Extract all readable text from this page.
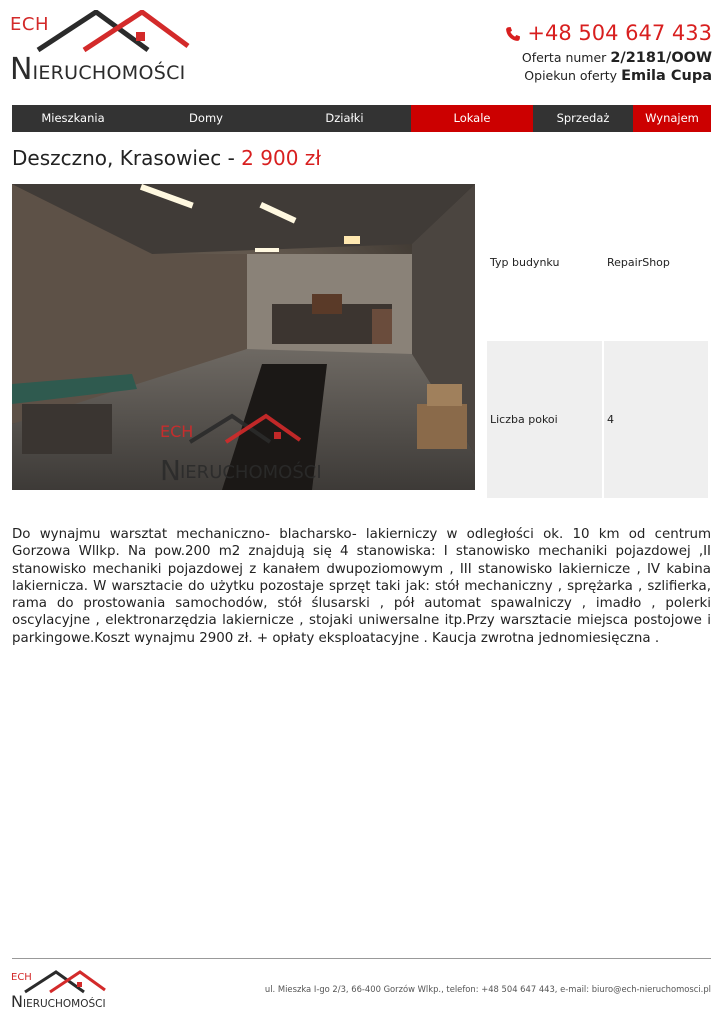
ECH
NIERUCHOMOŚCI
+48 504 647 433
Oferta numer 2/2181/OOW
Opiekun oferty Emila Cupa
Mieszkania	Domy	Działki	Lokale	Sprzedaż	Wynajem
Deszczno, Krasowiec - 2 900 zł
ECH
N IERUCHOMOŚCI
Typ budynku	RepairShop
Liczba pokoi	4
Do wynajmu warsztat mechaniczno- blacharsko- lakierniczy w odległości ok. 10 km od centrum Gorzowa Wllkp. Na pow.200 m2 znajdują się 4 stanowiska: I stanowisko mechaniki pojazdowej ,II stanowisko mechaniki pojazdowej z kanałem dwupoziomowym , III stanowisko lakiernicze , IV kabina lakiernicza. W warsztacie do użytku pozostaje sprzęt taki jak: stół mechaniczny , sprężarka , szlifierka, rama do prostowania samochodów, stół ślusarski , pół automat spawalniczy , imadło , polerki oscylacyjne , elektronarzędzia lakiernicze , stojaki uniwersalne itp.Przy warsztacie miejsca postojowe i parkingowe.Koszt wynajmu 2900 zł. + opłaty eksploatacyjne . Kaucja zwrotna jednomiesięczna .
ECH
NIERUCHOMOŚCI
ul. Mieszka I-go 2/3, 66-400 Gorzów Wlkp., telefon: +48 504 647 443, e-mail: biuro@ech-nieruchomosci.pl
